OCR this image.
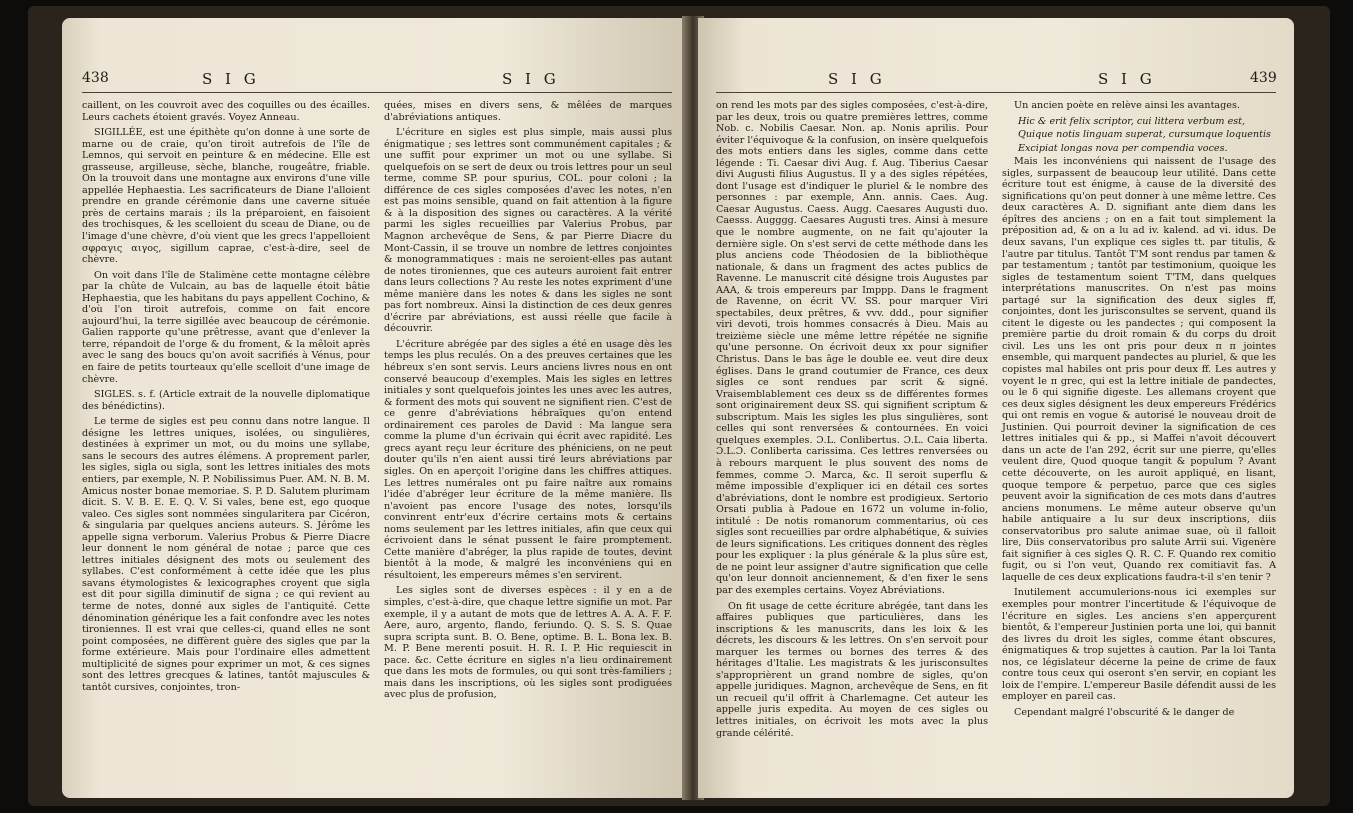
438	S I G	S I G

caillent, on les couvroit avec des coquilles ou des écailles. Leurs cachets étoient gravés. Voyez Anneau.

SIGILLÉE, est une épithète qu'on donne à une sorte de marne ou de craie, qu'on tiroit autrefois de l'île de Lemnos, qui servoit en peinture & en médecine. Elle est grasseuse, argilleuse, sèche, blanche, rougeâtre, friable. On la trouvoit dans une montagne aux environs d'une ville appellée Hephaestia. Les sacrificateurs de Diane l'alloient prendre en grande cérémonie dans une caverne située près de certains marais ; ils la préparoient, en faisoient des trochisques, & les scelloient du sceau de Diane, ou de l'image d'une chèvre, d'où vient que les grecs l'appelloient σφραγις αιγος, sigillum caprae, c'est-à-dire, seel de chèvre.

On voit dans l'île de Stalimène cette montagne célèbre par la chûte de Vulcain, au bas de laquelle étoit bâtie Hephaestia, que les habitans du pays appellent Cochino, & d'où l'on tiroit autrefois, comme on fait encore aujourd'hui, la terre sigillée avec beaucoup de cérémonie. Galien rapporte qu'une prêtresse, avant que d'enlever la terre, répandoit de l'orge & du froment, & la mêloit après avec le sang des boucs qu'on avoit sacrifiés à Vénus, pour en faire de petits tourteaux qu'elle scelloit d'une image de chèvre.

SIGLES. s. f. (Article extrait de la nouvelle diplomatique des bénédictins).

Le terme de sigles est peu connu dans notre langue. Il désigne les lettres uniques, isolées, ou singulières, destinées à exprimer un mot, ou du moins une syllabe, sans le secours des autres élémens. A proprement parler, les sigles, sigla ou sigla, sont les lettres initiales des mots entiers, par exemple, N. P. Nobilissimus Puer. AM. N. B. M. Amicus noster bonae memoriae. S. P. D. Salutem plurimam dicit. S. V. B. E. E. Q. V. Si vales, bene est, ego quoque valeo. Ces sigles sont nommées singularitera par Cicéron, & singularia par quelques anciens auteurs. S. Jérôme les appelle signa verborum. Valerius Probus & Pierre Diacre leur donnent le nom général de notae ; parce que ces lettres initiales désignent des mots ou seulement des syllabes. C'est conformément à cette idée que les plus savans étymologistes & lexicographes croyent que sigla est dit pour sigilla diminutif de signa ; ce qui revient au terme de notes, donné aux sigles de l'antiquité. Cette dénomination générique les a fait confondre avec les notes tironiennes. Il est vrai que celles-ci, quand elles ne sont point composées, ne diffèrent guère des sigles que par la forme extérieure. Mais pour l'ordinaire elles admettent multiplicité de signes pour exprimer un mot, & ces signes sont des lettres grecques & latines, tantôt majuscules & tantôt cursives, conjointes, tron-

quées, mises en divers sens, & mêlées de marques d'abréviations antiques.

L'écriture en sigles est plus simple, mais aussi plus énigmatique ; ses lettres sont communément capitales ; & une suffit pour exprimer un mot ou une syllabe. Si quelquefois on se sert de deux ou trois lettres pour un seul terme, comme SP. pour spurius, COL. pour coloni ; la différence de ces sigles composées d'avec les notes, n'en est pas moins sensible, quand on fait attention à la figure & à la disposition des signes ou caractères. A la vérité parmi les sigles recueillies par Valerius Probus, par Magnon archevêque de Sens, & par Pierre Diacre du Mont-Cassin, il se trouve un nombre de lettres conjointes & monogrammatiques : mais ne seroient-elles pas autant de notes tironiennes, que ces auteurs auroient fait entrer dans leurs collections ? Au reste les notes expriment d'une même manière dans les notes & dans les sigles ne sont pas fort nombreux. Ainsi la distinction de ces deux genres d'écrire par abréviations, est aussi réelle que facile à découvrir.

L'écriture abrégée par des sigles a été en usage dès les temps les plus reculés. On a des preuves certaines que les hébreux s'en sont servis. Leurs anciens livres nous en ont conservé beaucoup d'exemples. Mais les sigles en lettres initiales y sont quelquefois jointes les unes avec les autres, & forment des mots qui souvent ne signifient rien. C'est de ce genre d'abréviations hébraïques qu'on entend ordinairement ces paroles de David : Ma langue sera comme la plume d'un écrivain qui écrit avec rapidité. Les grecs ayant reçu leur écriture des phéniciens, on ne peut douter qu'ils n'en aient aussi tiré leurs abréviations par sigles. On en aperçoit l'origine dans les chiffres attiques. Les lettres numérales ont pu faire naître aux romains l'idée d'abréger leur écriture de la même manière. Ils n'avoient pas encore l'usage des notes, lorsqu'ils convinrent entr'eux d'écrire certains mots & certains noms seulement par les lettres initiales, afin que ceux qui écrivoient dans le sénat pussent le faire promptement. Cette manière d'abréger, la plus rapide de toutes, devint bientôt à la mode, & malgré les inconvéniens qui en résultoient, les empereurs mêmes s'en servirent.

Les sigles sont de diverses espèces : il y en a de simples, c'est-à-dire, que chaque lettre signifie un mot. Par exemple, il y a autant de mots que de lettres A. A. A. F. F. Aere, auro, argento, flando, feriundo. Q. S. S. S. Quae supra scripta sunt. B. O. Bene, optime. B. L. Bona lex. B. M. P. Bene merenti posuit. H. R. I. P. Hic requiescit in pace. &c. Cette écriture en sigles n'a lieu ordinairement que dans les mots de formules, ou qui sont très-familiers ; mais dans les inscriptions, où les sigles sont prodiguées avec plus de profusion,

S I G	S I G	439

on rend les mots par des sigles composées, c'est-à-dire, par les deux, trois ou quatre premières lettres, comme Nob. c. Nobilis Caesar. Non. ap. Nonis aprilis. Pour éviter l'équivoque & la confusion, on insère quelquefois des mots entiers dans les sigles, comme dans cette légende : Ti. Caesar divi Aug. f. Aug. Tiberius Caesar divi Augusti filius Augustus. Il y a des sigles répétées, dont l'usage est d'indiquer le pluriel & le nombre des personnes : par exemple, Ann. annis. Caes. Aug. Caesar Augustus. Caess. Augg. Caesares Augusti duo. Caesss. Augggg. Caesares Augusti tres. Ainsi à mesure que le nombre augmente, on ne fait qu'ajouter la dernière sigle. On s'est servi de cette méthode dans les plus anciens code Théodosien de la bibliothèque nationale, & dans un fragment des actes publics de Ravenne. Le manuscrit cité désigne trois Augustes par AAA, & trois empereurs par Imppp. Dans le fragment de Ravenne, on écrit VV. SS. pour marquer Viri spectabiles, deux prêtres, & vvv. ddd., pour signifier viri devoti, trois hommes consacrés à Dieu. Mais au treizième siècle une même lettre répétée ne signifie qu'une personne. On écrivoit deux xx pour signifier Christus. Dans le bas âge le double ee. veut dire deux églises. Dans le grand coutumier de France, ces deux sigles ce sont rendues par scrit & signé. Vraisemblablement ces deux ss de différentes formes sont originairement deux SS. qui signifient scriptum & subscriptum. Mais les sigles les plus singulières, sont celles qui sont renversées & contournées. En voici quelques exemples. Ɔ.L. Conlibertus. Ɔ.L. Caia liberta. Ɔ.L.Ɔ. Conliberta carissima. Ces lettres renversées ou à rebours marquent le plus souvent des noms de femmes, comme Ɔ. Marca, &c. Il seroit superflu & même impossible d'expliquer ici en détail ces sortes d'abréviations, dont le nombre est prodigieux. Sertorio Orsati publia à Padoue en 1672 un volume in-folio, intitulé : De notis romanorum commentarius, où ces sigles sont recueillies par ordre alphabétique, & suivies de leurs significations. Les critiques donnent des règles pour les expliquer : la plus générale & la plus sûre est, de ne point leur assigner d'autre signification que celle qu'on leur donnoit anciennement, & d'en fixer le sens par des exemples certains. Voyez Abréviations.

On fit usage de cette écriture abrégée, tant dans les affaires publiques que particulières, dans les inscriptions & les manuscrits, dans les loix & les décrets, les discours & les lettres. On s'en servoit pour marquer les termes ou bornes des terres & des héritages d'Italie. Les magistrats & les jurisconsultes s'approprièrent un grand nombre de sigles, qu'on appelle juridiques. Magnon, archevêque de Sens, en fit un recueil qu'il offrit à Charlemagne. Cet auteur les appelle juris expedita. Au moyen de ces sigles ou lettres initiales, on écrivoit les mots avec la plus grande célérité.

Un ancien poète en relève ainsi les avantages.

Hic & erit felix scriptor, cui littera verbum est,

Quique notis linguam superat, cursumque loquentis

Excipiat longas nova per compendia voces.

Mais les inconvéniens qui naissent de l'usage des sigles, surpassent de beaucoup leur utilité. Dans cette écriture tout est énigme, à cause de la diversité des significations qu'on peut donner à une même lettre. Ces deux caractères A. D. signifiant ante diem dans les épîtres des anciens ; on en a fait tout simplement la préposition ad, & on a lu ad iv. kalend. ad vi. idus. De deux savans, l'un explique ces sigles tt. par titulis, & l'autre par titulus. Tantôt T'M sont rendus par tamen & par testamentum ; tantôt par testimonium, quoique les sigles de testamentum soient T'TM, dans quelques interprétations manuscrites. On n'est pas moins partagé sur la signification des deux sigles ff, conjointes, dont les jurisconsultes se servent, quand ils citent le digeste ou les pandectes ; qui composent la première partie du droit romain & du corps du droit civil. Les uns les ont pris pour deux π π jointes ensemble, qui marquent pandectes au pluriel, & que les copistes mal habiles ont pris pour deux ff. Les autres y voyent le π grec, qui est la lettre initiale de pandectes, ou le δ qui signifie digeste. Les allemans croyent que ces deux sigles désignent les deux empereurs Frédérics qui ont remis en vogue & autorisé le nouveau droit de Justinien. Qui pourroit deviner la signification de ces lettres initiales qui & pp., si Maffei n'avoit découvert dans un acte de l'an 292, écrit sur une pierre, qu'elles veulent dire, Quod quoque tangit & populum ? Avant cette découverte, on les auroit appliqué, en lisant, quoque tempore & perpetuo, parce que ces sigles peuvent avoir la signification de ces mots dans d'autres anciens monumens. Le même auteur observe qu'un habile antiquaire a lu sur deux inscriptions, diis conservatoribus pro salute animae suae, où il falloit lire, Diis conservatoribus pro salute Arrii sui. Vigenère fait signifier à ces sigles Q. R. C. F. Quando rex comitio fugit, ou si l'on veut, Quando rex comitiavit fas. A laquelle de ces deux explications faudra-t-il s'en tenir ?

Inutilement accumulerions-nous ici exemples sur exemples pour montrer l'incertitude & l'équivoque de l'écriture en sigles. Les anciens s'en apperçurent bientôt, & l'empereur Justinien porta une loi, qui bannit des livres du droit les sigles, comme étant obscures, énigmatiques & trop sujettes à caution. Par la loi Tanta nos, ce législateur décerne la peine de crime de faux contre tous ceux qui oseront s'en servir, en copiant les loix de l'empire. L'empereur Basile défendit aussi de les employer en pareil cas.

Cependant malgré l'obscurité & le danger de
